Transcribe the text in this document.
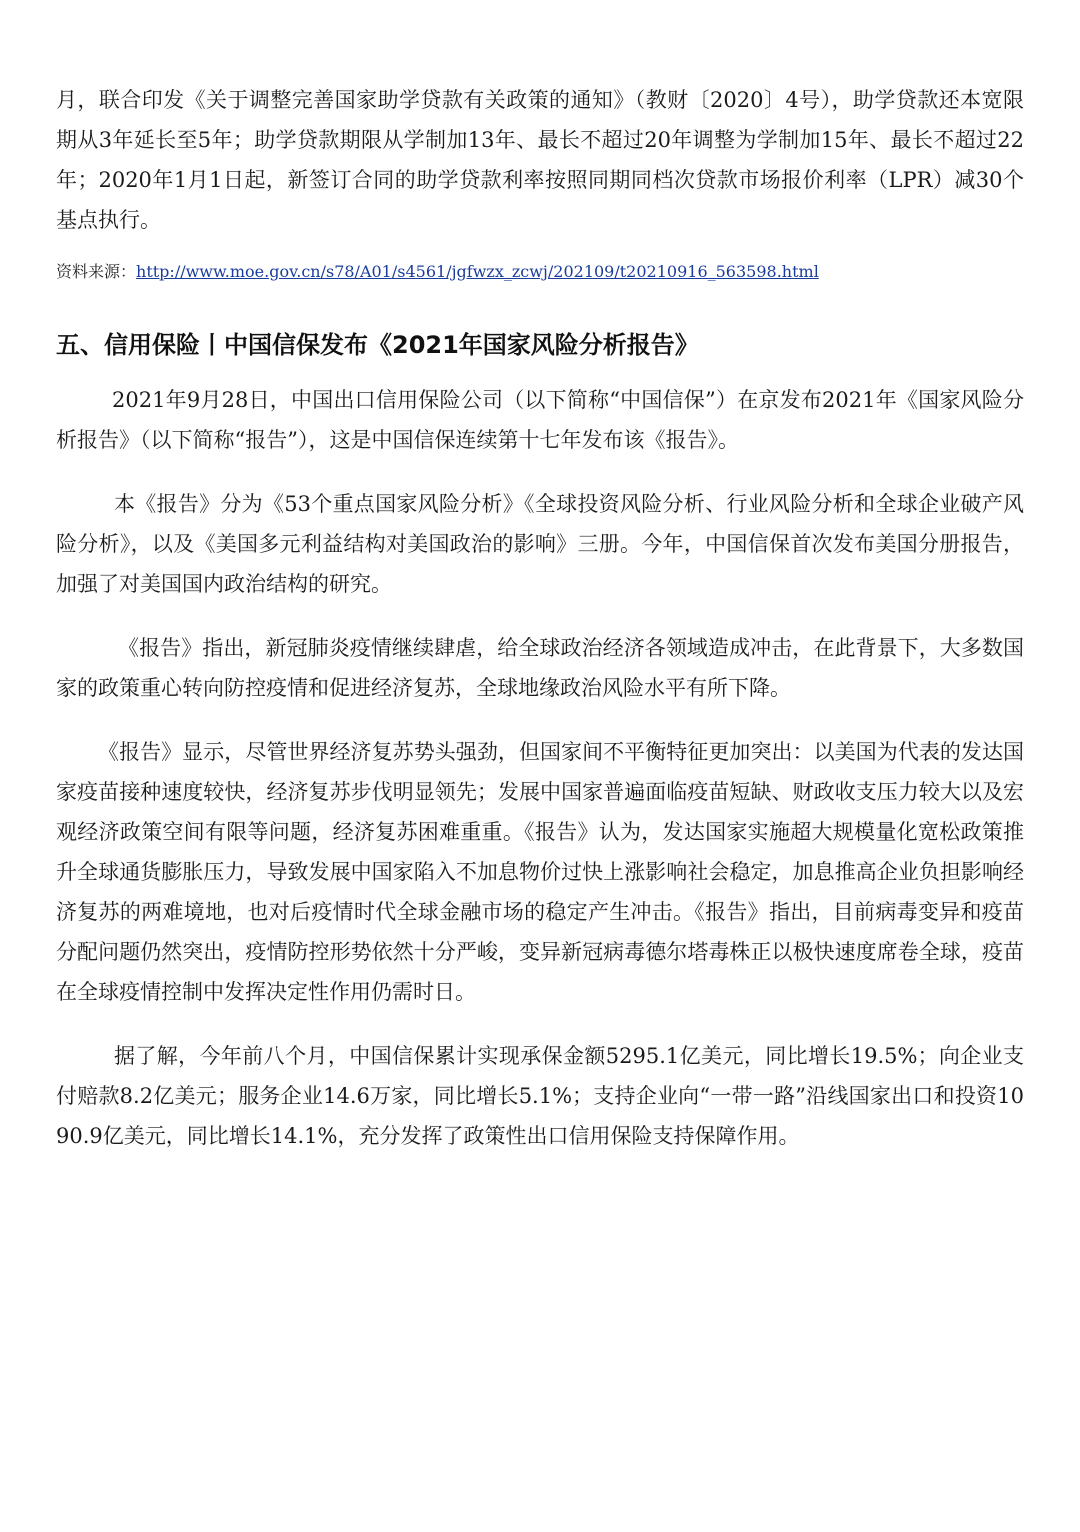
月，联合印发《关于调整完善国家助学贷款有关政策的通知》（教财〔2020〕4号），助学贷款还本宽限期从3年延长至5年；助学贷款期限从学制加13年、最长不超过20年调整为学制加15年、最长不超过22年；2020年1月1日起，新签订合同的助学贷款利率按照同期同档次贷款市场报价利率（LPR）减30个基点执行。

资料来源：http://www.moe.gov.cn/s78/A01/s4561/jgfwzx_zcwj/202109/t20210916_563598.html
五、信用保险丨中国信保发布《2021年国家风险分析报告》

2021年9月28日，中国出口信用保险公司（以下简称“中国信保”）在京发布2021年《国家风险分析报告》（以下简称“报告”），这是中国信保连续第十七年发布该《报告》。

本《报告》分为《53个重点国家风险分析》《全球投资风险分析、行业风险分析和全球企业破产风险分析》，以及《美国多元利益结构对美国政治的影响》三册。今年，中国信保首次发布美国分册报告，加强了对美国国内政治结构的研究。

《报告》指出，新冠肺炎疫情继续肆虐，给全球政治经济各领域造成冲击，在此背景下，大多数国家的政策重心转向防控疫情和促进经济复苏，全球地缘政治风险水平有所下降。

《报告》显示，尽管世界经济复苏势头强劲，但国家间不平衡特征更加突出：以美国为代表的发达国家疫苗接种速度较快，经济复苏步伐明显领先；发展中国家普遍面临疫苗短缺、财政收支压力较大以及宏观经济政策空间有限等问题，经济复苏困难重重。《报告》认为，发达国家实施超大规模量化宽松政策推升全球通货膨胀压力，导致发展中国家陷入不加息物价过快上涨影响社会稳定，加息推高企业负担影响经济复苏的两难境地，也对后疫情时代全球金融市场的稳定产生冲击。《报告》指出，目前病毒变异和疫苗分配问题仍然突出，疫情防控形势依然十分严峻，变异新冠病毒德尔塔毒株正以极快速度席卷全球，疫苗在全球疫情控制中发挥决定性作用仍需时日。

据了解，今年前八个月，中国信保累计实现承保金额5295.1亿美元，同比增长19.5%；向企业支付赔款8.2亿美元；服务企业14.6万家，同比增长5.1%；支持企业向“一带一路”沿线国家出口和投资1090.9亿美元，同比增长14.1%，充分发挥了政策性出口信用保险支持保障作用。
